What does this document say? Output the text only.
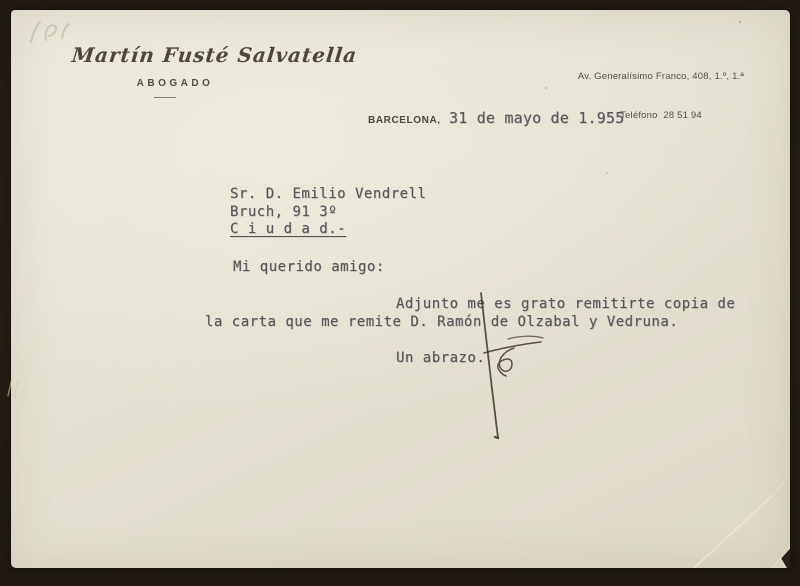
Martín Fusté Salvatella
ABOGADO

Av. Generalísimo Franco, 408, 1.º, 1.ª

Teléfono  28 51 94

BARCELONA, 31 de mayo de 1.955
Sr. D. Emilio Vendrell
Bruch, 91 3º
C i u d a d.-
Mi querido amigo:
Adjunto me es grato remitirte copia de
la carta que me remite D. Ramón de Olzabal y Vedruna.
Un abrazo.
